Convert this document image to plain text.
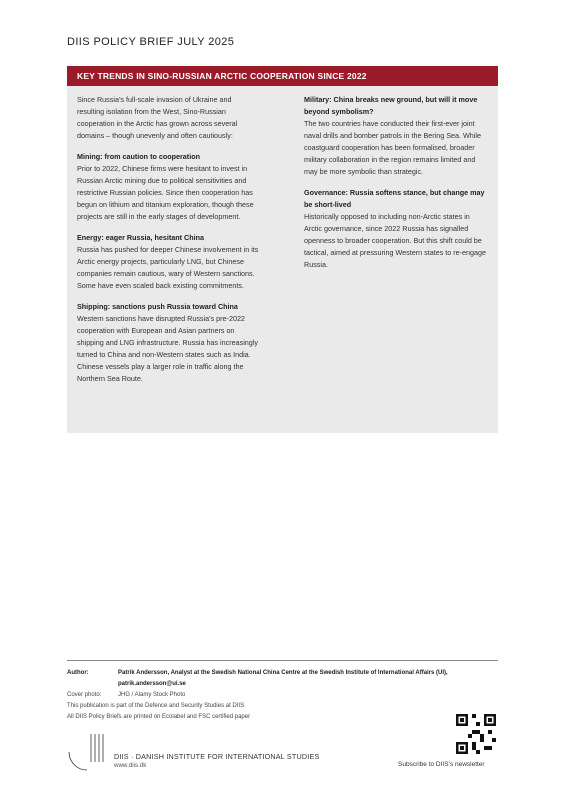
DIIS POLICY BRIEF JULY 2025
KEY TRENDS IN SINO-RUSSIAN ARCTIC COOPERATION SINCE 2022

Since Russia’s full-scale invasion of Ukraine and resulting isolation from the West, Sino-Russian cooperation in the Arctic has grown across several domains – though unevenly and often cautiously:

Mining: from caution to cooperation

Prior to 2022, Chinese firms were hesitant to invest in Russian Arctic mining due to political sensitivities and restrictive Russian policies. Since then cooperation has begun on lithium and titanium exploration, though these projects are still in the early stages of development.

Energy: eager Russia, hesitant China

Russia has pushed for deeper Chinese involvement in its Arctic energy projects, particularly LNG, but Chinese companies remain cautious, wary of Western sanctions. Some have even scaled back existing commitments.

Shipping: sanctions push Russia toward China

Western sanctions have disrupted Russia’s pre-2022 cooperation with European and Asian partners on shipping and LNG infrastructure. Russia has increasingly turned to China and non-Western states such as India. Chinese vessels play a larger role in traffic along the Northern Sea Route.

Military: China breaks new ground, but will it move beyond symbolism?

The two countries have conducted their first-ever joint naval drills and bomber patrols in the Bering Sea. While coastguard cooperation has been formalised, broader military collaboration in the region remains limited and may be more symbolic than strategic.

Governance: Russia softens stance, but change may be short-lived

Historically opposed to including non-Arctic states in Arctic governance, since 2022 Russia has signalled openness to broader cooperation. But this shift could be tactical, aimed at pressuring Western states to re-engage Russia.

Author:	Patrik Andersson, Analyst at the Swedish National China Centre at the Swedish Institute of International Affairs (UI), patrik.andersson@ui.se
Cover photo:	JHG / Alamy Stock Photo
This publication is part of the Defence and Security Studies at DIIS
All DIIS Policy Briefs are printed on Ecolabel and FSC certified paper
DIIS · DANISH INSTITUTE FOR INTERNATIONAL STUDIES
www.diis.dk	Subscribe to DIIS’s newsletter
